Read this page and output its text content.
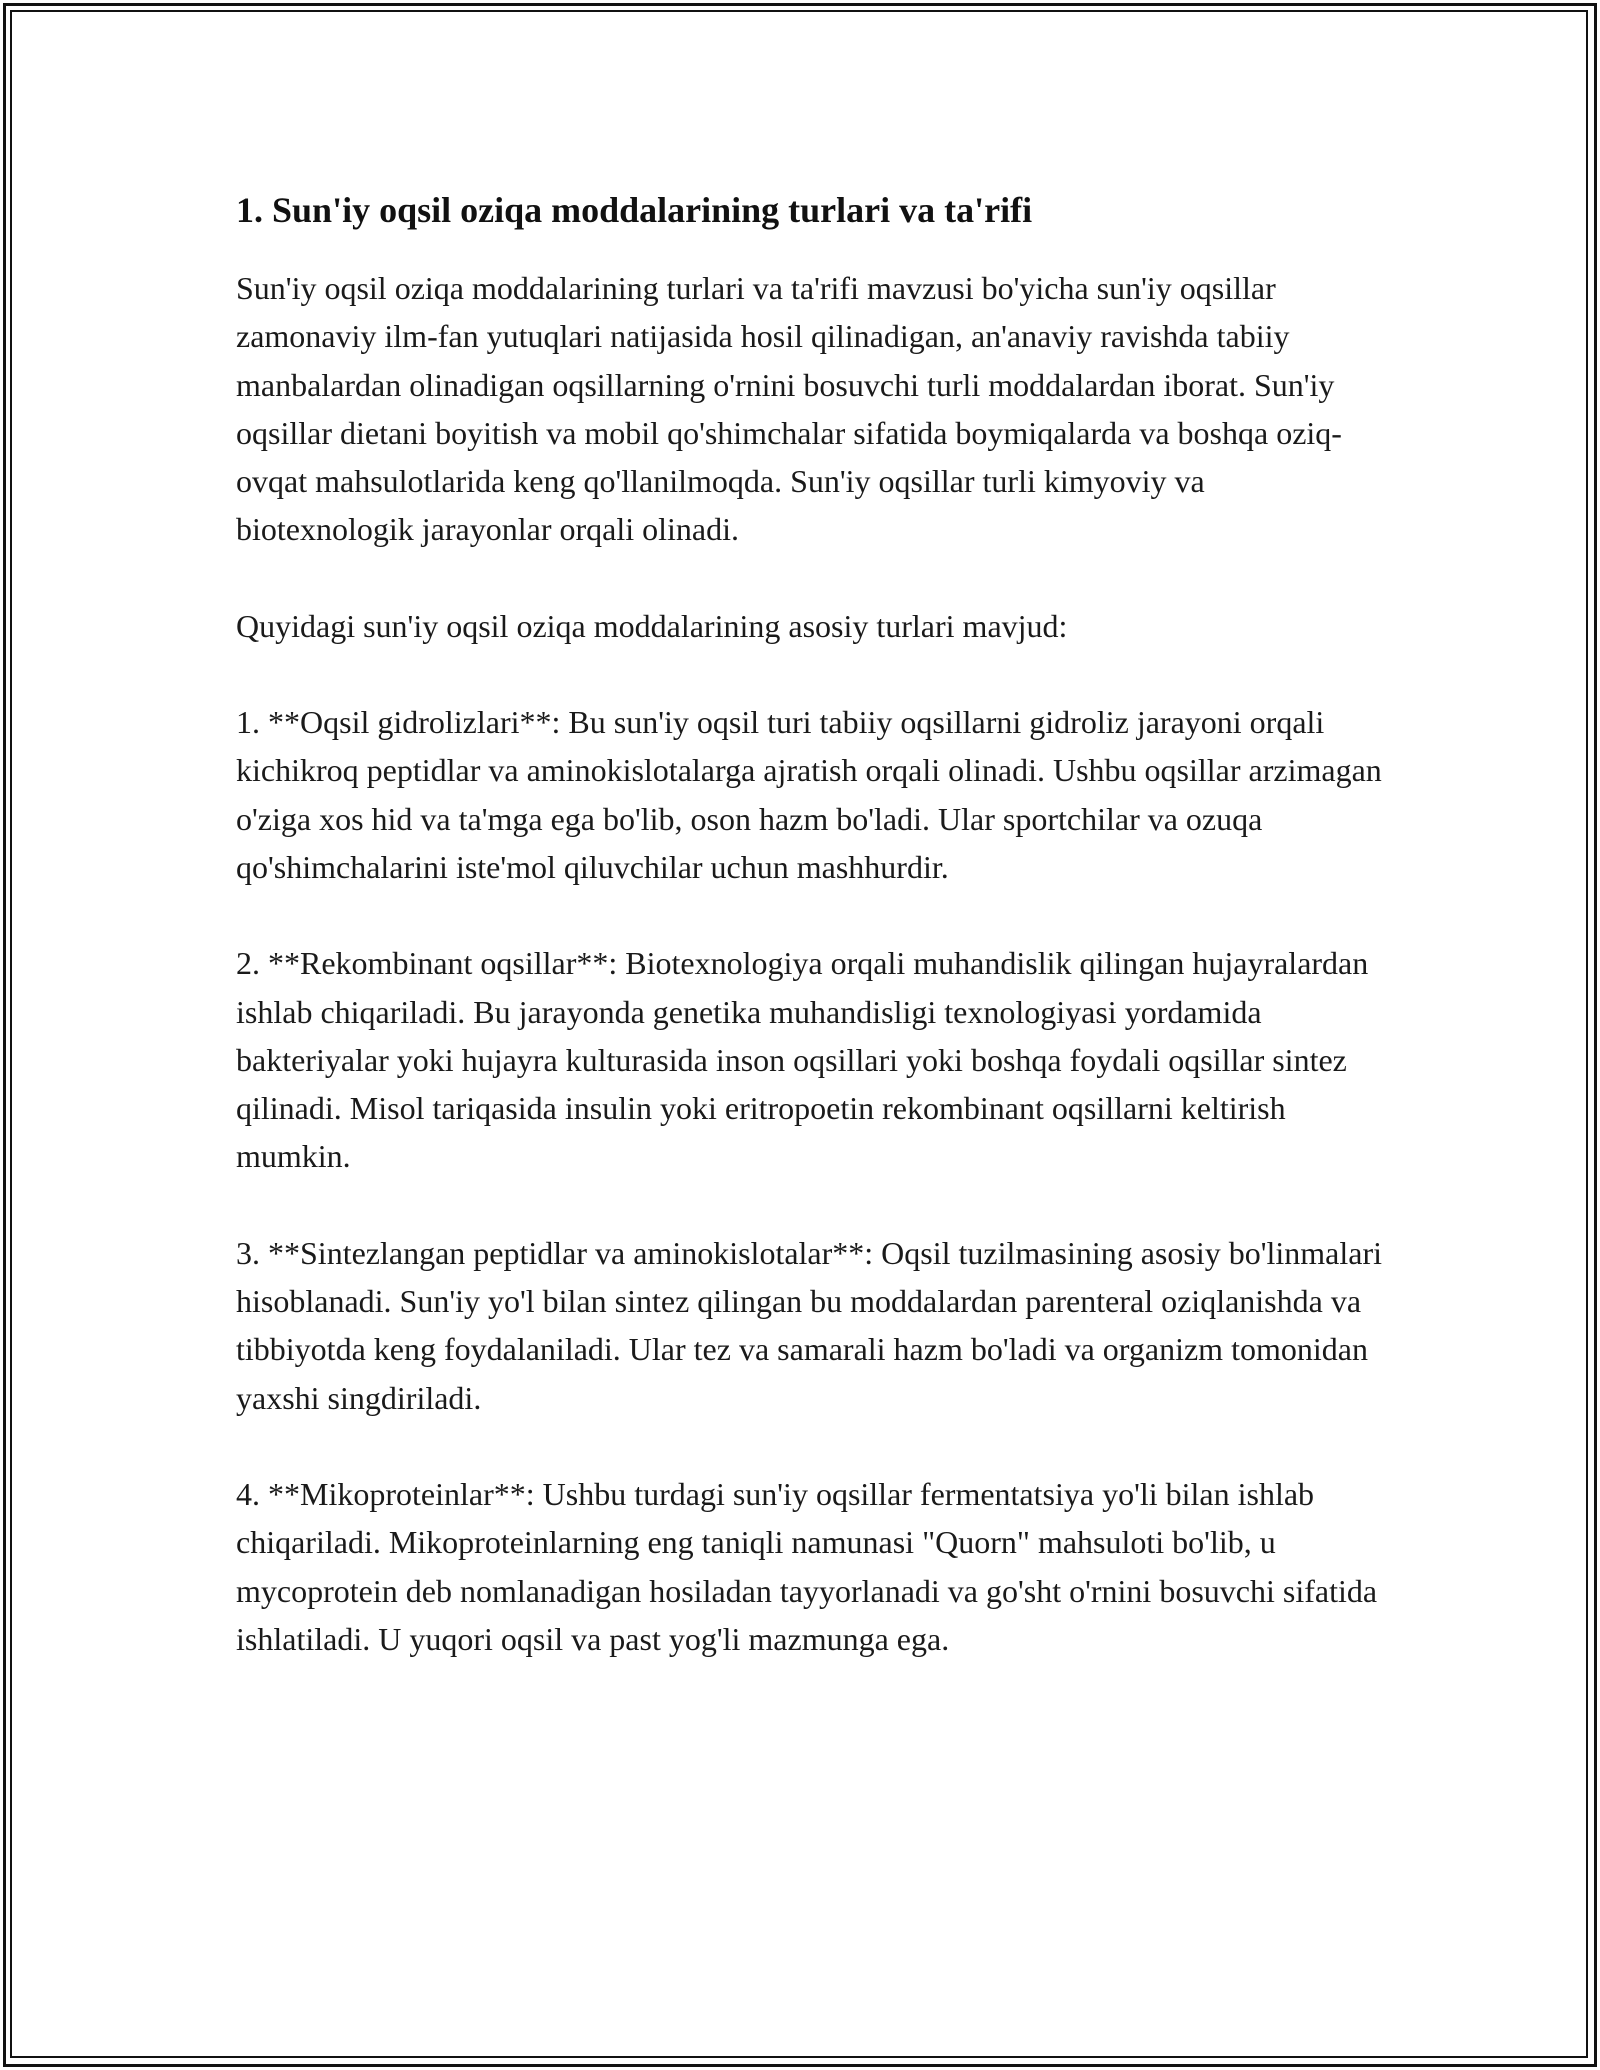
1. Sun'iy oqsil oziqa moddalarining turlari va ta'rifi

Sun'iy oqsil oziqa moddalarining turlari va ta'rifi mavzusi bo'yicha sun'iy oqsillar zamonaviy ilm-fan yutuqlari natijasida hosil qilinadigan, an'anaviy ravishda tabiiy manbalardan olinadigan oqsillarning o'rnini bosuvchi turli moddalardan iborat. Sun'iy oqsillar dietani boyitish va mobil qo'shimchalar sifatida boymiqalarda va boshqa oziq-ovqat mahsulotlarida keng qo'llanilmoqda. Sun'iy oqsillar turli kimyoviy va biotexnologik jarayonlar orqali olinadi.

Quyidagi sun'iy oqsil oziqa moddalarining asosiy turlari mavjud:

1. **Oqsil gidrolizlari**: Bu sun'iy oqsil turi tabiiy oqsillarni gidroliz jarayoni orqali kichikroq peptidlar va aminokislotalarga ajratish orqali olinadi. Ushbu oqsillar arzimagan o'ziga xos hid va ta'mga ega bo'lib, oson hazm bo'ladi. Ular sportchilar va ozuqa qo'shimchalarini iste'mol qiluvchilar uchun mashhurdir.

2. **Rekombinant oqsillar**: Biotexnologiya orqali muhandislik qilingan hujayralardan ishlab chiqariladi. Bu jarayonda genetika muhandisligi texnologiyasi yordamida bakteriyalar yoki hujayra kulturasida inson oqsillari yoki boshqa foydali oqsillar sintez qilinadi. Misol tariqasida insulin yoki eritropoetin rekombinant oqsillarni keltirish mumkin.

3. **Sintezlangan peptidlar va aminokislotalar**: Oqsil tuzilmasining asosiy bo'linmalari hisoblanadi. Sun'iy yo'l bilan sintez qilingan bu moddalardan parenteral oziqlanishda va tibbiyotda keng foydalaniladi. Ular tez va samarali hazm bo'ladi va organizm tomonidan yaxshi singdiriladi.

4. **Mikoproteinlar**: Ushbu turdagi sun'iy oqsillar fermentatsiya yo'li bilan ishlab chiqariladi. Mikoproteinlarning eng taniqli namunasi "Quorn" mahsuloti bo'lib, u mycoprotein deb nomlanadigan hosiladan tayyorlanadi va go'sht o'rnini bosuvchi sifatida ishlatiladi. U yuqori oqsil va past yog'li mazmunga ega.
